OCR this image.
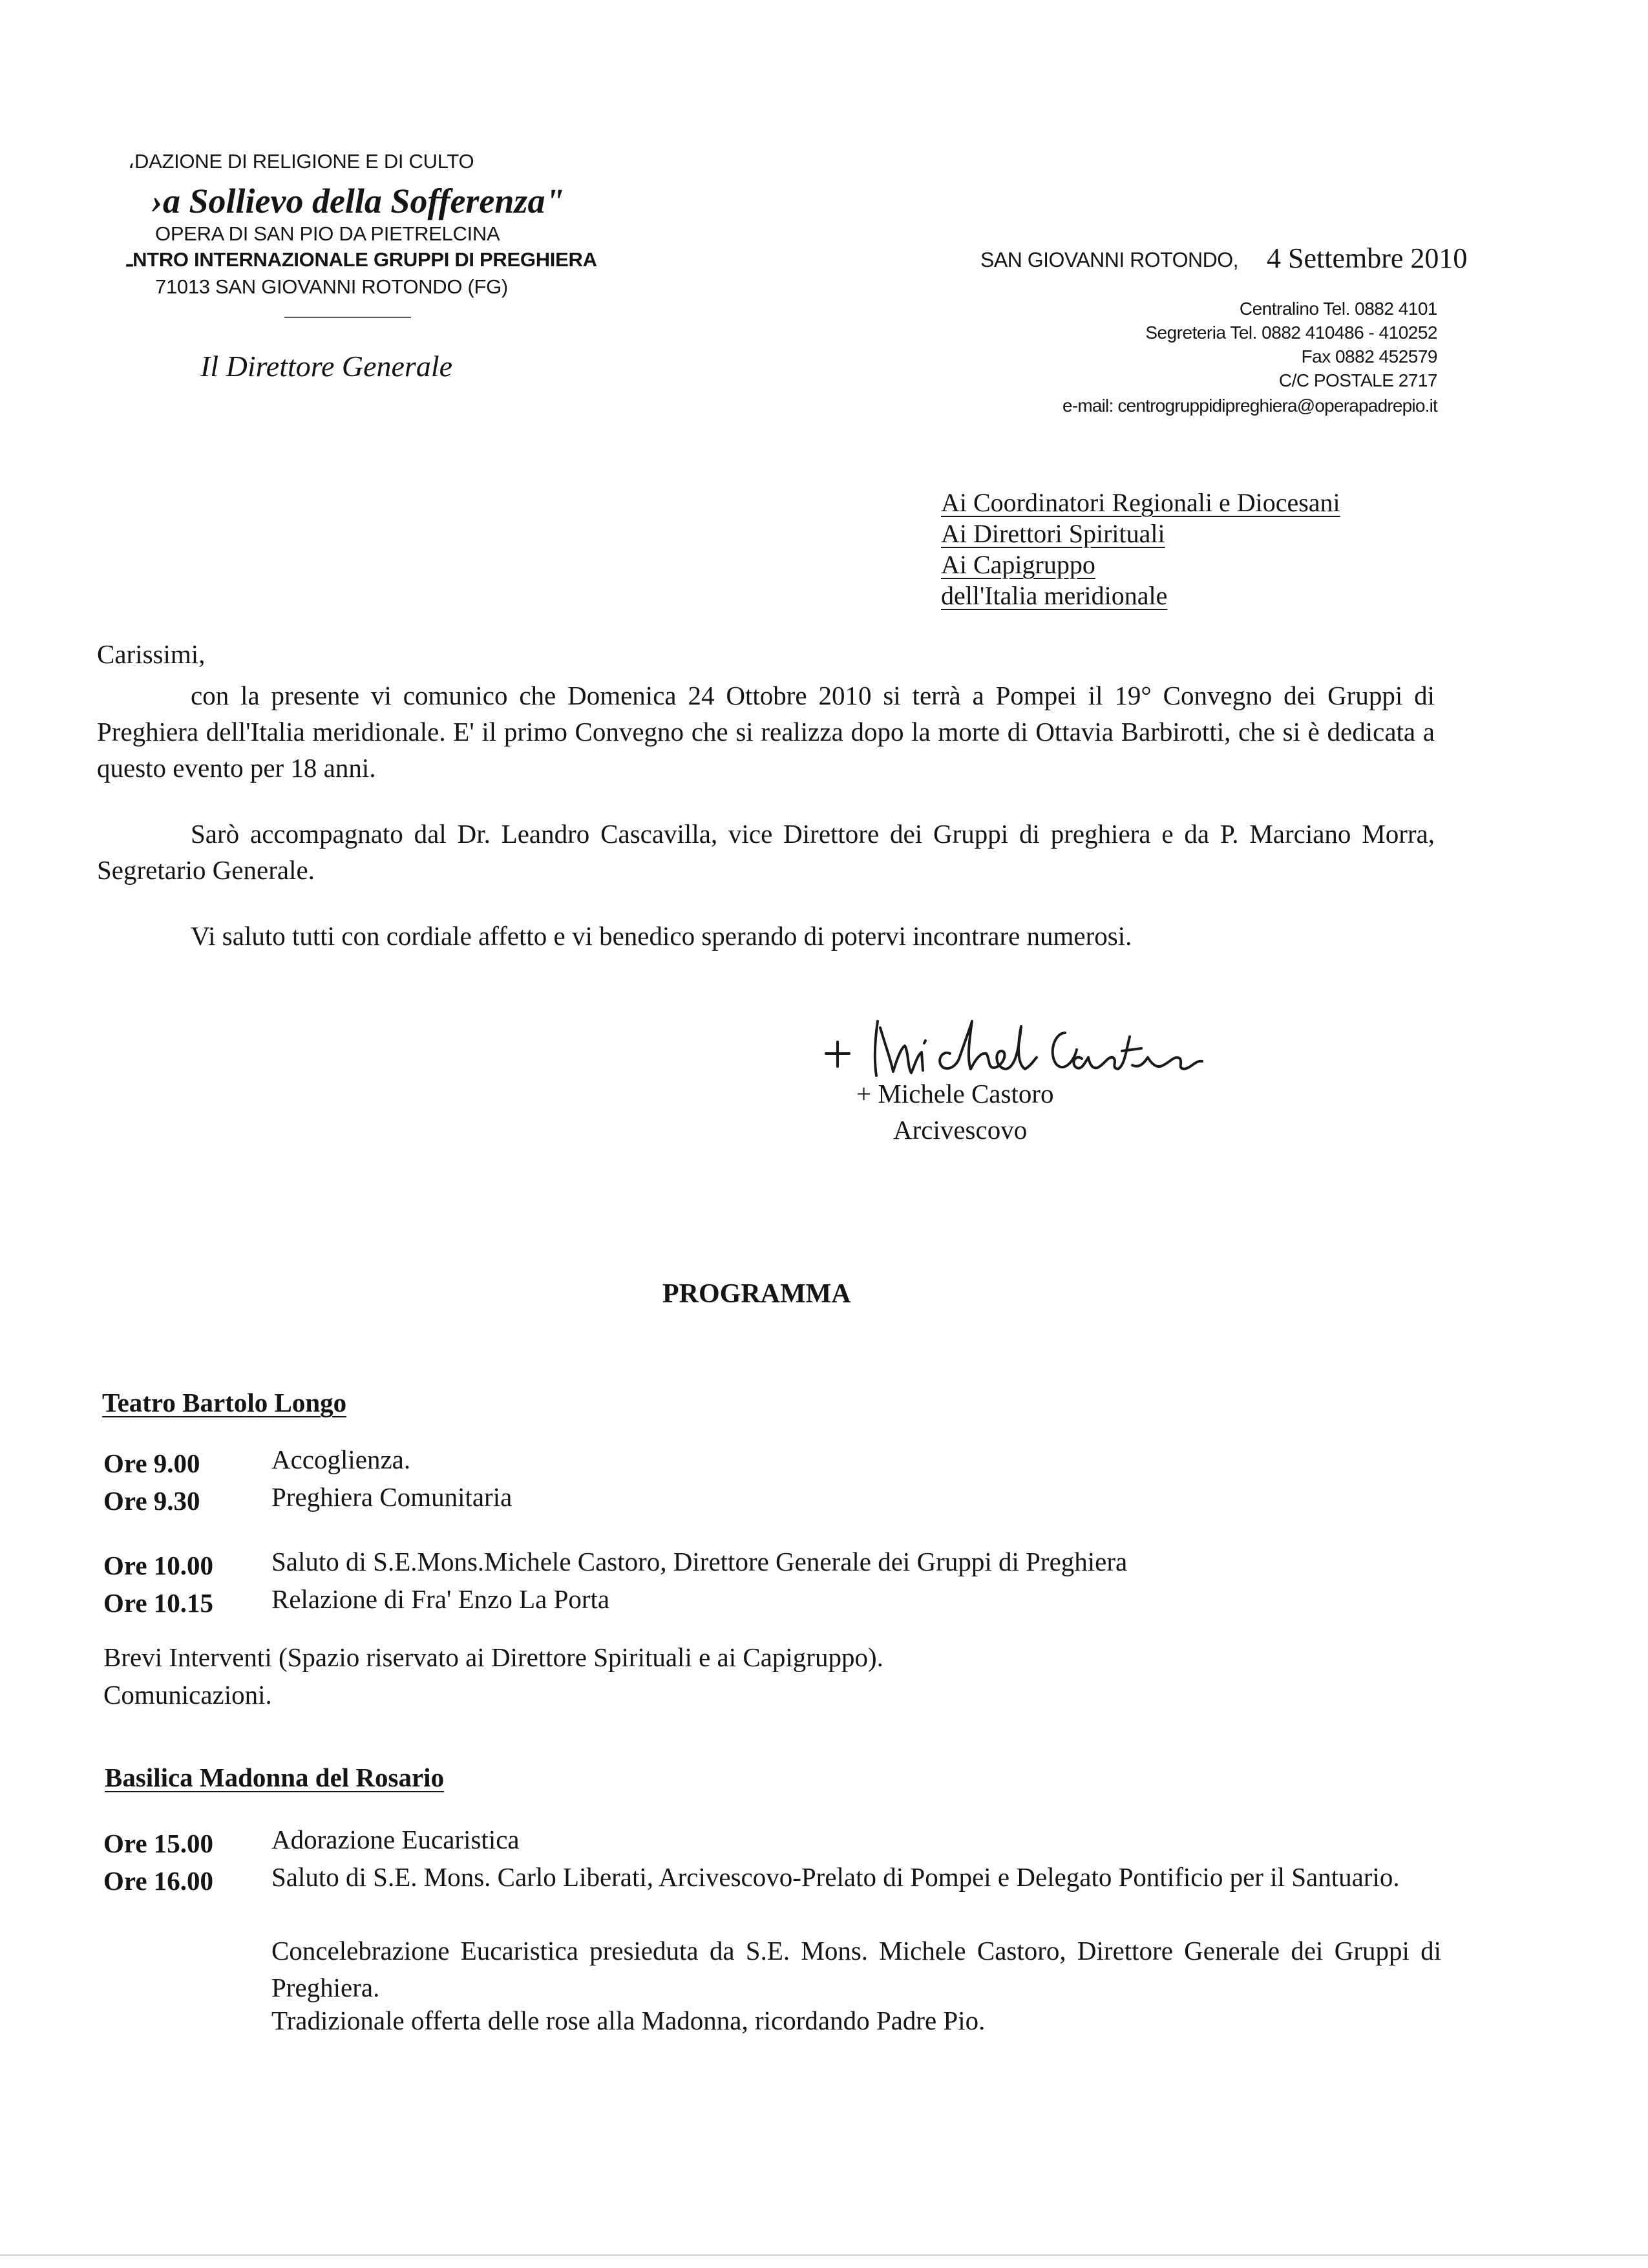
،DAZIONE DI RELIGIONE E DI CULTO
›a Sollievo della Sofferenza"
OPERA DI SAN PIO DA PIETRELCINA
ـNTRO INTERNAZIONALE GRUPPI DI PREGHIERA
71013 SAN GIOVANNI ROTONDO (FG)
Il Direttore Generale
SAN GIOVANNI ROTONDO, 4 Settembre 2010
Centralino Tel. 0882 4101
Segreteria Tel. 0882 410486 - 410252
Fax 0882 452579
C/C POSTALE 2717
e-mail: centrogruppidipreghiera@operapadrepio.it
Ai Coordinatori Regionali e Diocesani
Ai Direttori Spirituali
Ai Capigruppo
dell'Italia meridionale
Carissimi,
con la presente vi comunico che Domenica 24 Ottobre 2010 si terrà a Pompei il 19° Convegno dei Gruppi di Preghiera dell'Italia meridionale. E' il primo Convegno che si realizza dopo la morte di Ottavia Barbirotti, che si è dedicata a questo evento per 18 anni.
Sarò accompagnato dal Dr. Leandro Cascavilla, vice Direttore dei Gruppi di preghiera e da P. Marciano Morra, Segretario Generale.
Vi saluto tutti con cordiale affetto e vi benedico sperando di potervi incontrare numerosi.
+ Michele Castoro
Arcivescovo
PROGRAMMA
Teatro Bartolo Longo
Ore 9.00	Accoglienza.
Ore 9.30	Preghiera Comunitaria
Ore 10.00 Saluto di S.E.Mons.Michele Castoro, Direttore Generale dei Gruppi di Preghiera
Ore 10.15 Relazione di Fra' Enzo La Porta
Brevi Interventi (Spazio riservato ai Direttore Spirituali e ai Capigruppo).
Comunicazioni.
Basilica Madonna del Rosario
Ore 15.00 Adorazione Eucaristica
Ore 16.00 Saluto di S.E. Mons. Carlo Liberati, Arcivescovo-Prelato di Pompei e Delegato Pontificio per il Santuario.
Concelebrazione Eucaristica presieduta da S.E. Mons. Michele Castoro, Direttore Generale dei Gruppi di Preghiera.
Tradizionale offerta delle rose alla Madonna, ricordando Padre Pio.
